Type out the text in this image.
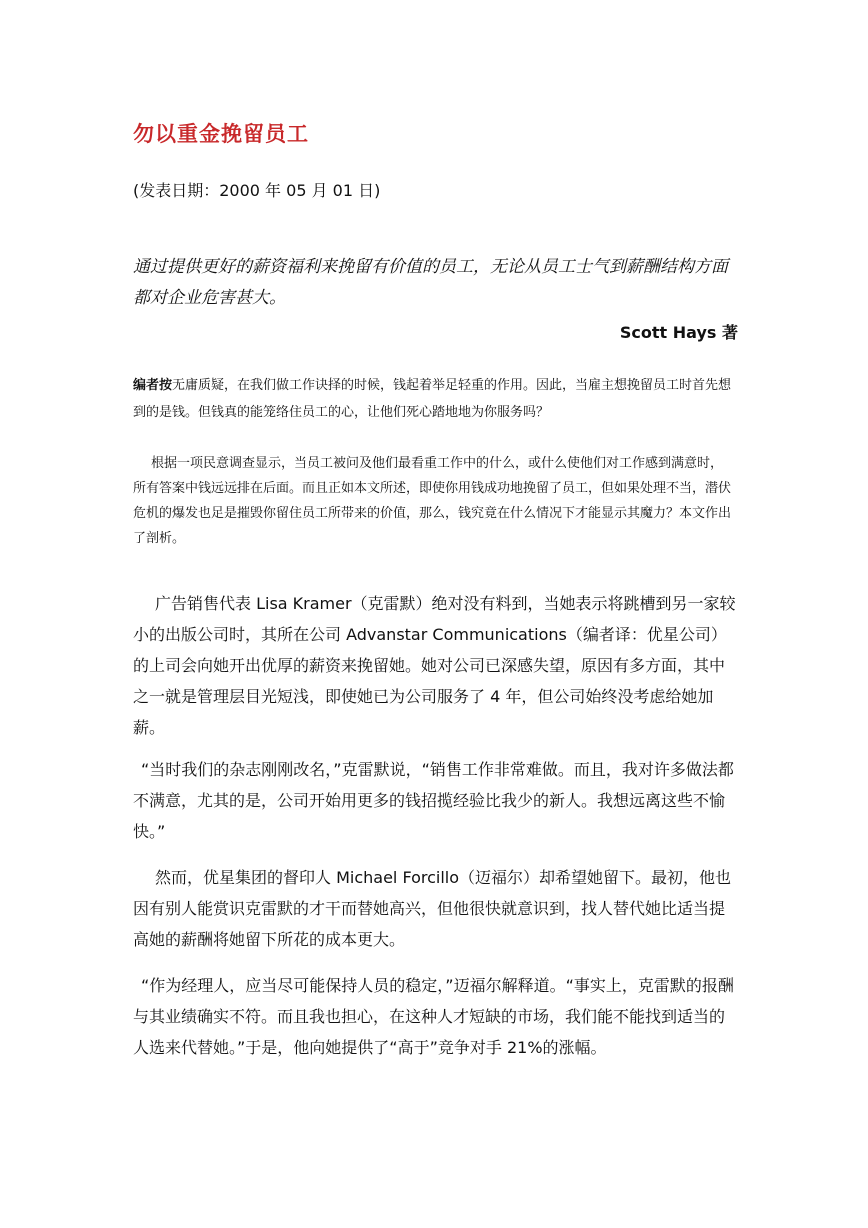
勿以重金挽留员工

(发表日期：2000 年 05 月 01 日)

通过提供更好的薪资福利来挽留有价值的员工，无论从员工士气到薪酬结构方面都对企业危害甚大。

Scott Hays 著

编者按无庸质疑，在我们做工作诀择的时候，钱起着举足轻重的作用。因此，当雇主想挽留员工时首先想到的是钱。但钱真的能笼络住员工的心，让他们死心踏地地为你服务吗？

根据一项民意调查显示，当员工被问及他们最看重工作中的什么，或什么使他们对工作感到满意时，所有答案中钱远远排在后面。而且正如本文所述，即使你用钱成功地挽留了员工，但如果处理不当，潜伏危机的爆发也足是摧毁你留住员工所带来的价值，那么，钱究竟在什么情况下才能显示其魔力？本文作出了剖析。

广告销售代表 Lisa Kramer（克雷默）绝对没有料到，当她表示将跳槽到另一家较小的出版公司时，其所在公司 Advanstar Communications（编者译：优星公司）的上司会向她开出优厚的薪资来挽留她。她对公司已深感失望，原因有多方面，其中之一就是管理层目光短浅，即使她已为公司服务了 4 年，但公司始终没考虑给她加薪。

“当时我们的杂志刚刚改名，”克雷默说，“销售工作非常难做。而且，我对许多做法都不满意，尤其的是，公司开始用更多的钱招揽经验比我少的新人。我想远离这些不愉快。”

然而，优星集团的督印人 Michael Forcillo（迈福尔）却希望她留下。最初，他也因有别人能赏识克雷默的才干而替她高兴，但他很快就意识到，找人替代她比适当提高她的薪酬将她留下所花的成本更大。

“作为经理人，应当尽可能保持人员的稳定，”迈福尔解释道。“事实上，克雷默的报酬与其业绩确实不符。而且我也担心，在这种人才短缺的市场，我们能不能找到适当的人选来代替她。”于是，他向她提供了“高于”竞争对手 21%的涨幅。
